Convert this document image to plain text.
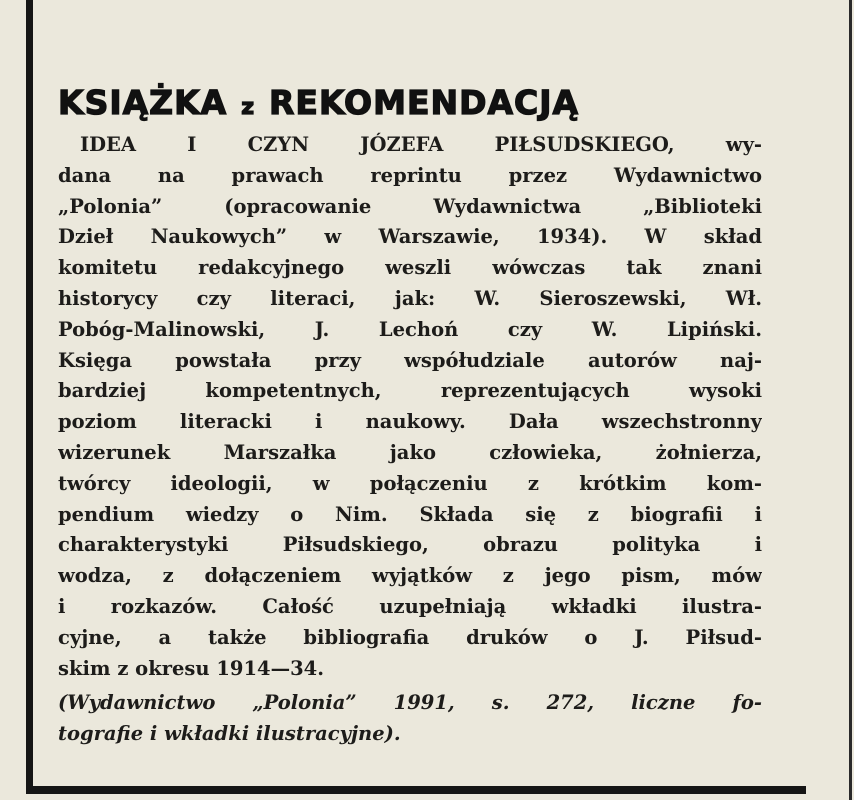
KSIĄŻKA z REKOMENDACJĄ
IDEA I CZYN JÓZEFA PIŁSUDSKIEGO, wy-
dana na prawach reprintu przez Wydawnictwo
„Polonia” (opracowanie Wydawnictwa „Biblioteki
Dzieł Naukowych” w Warszawie, 1934). W skład
komitetu redakcyjnego weszli wówczas tak znani
historycy czy literaci, jak: W. Sieroszewski, Wł.
Pobóg-Malinowski, J. Lechoń czy W. Lipiński.
Księga powstała przy współudziale autorów naj-
bardziej kompetentnych, reprezentujących wysoki
poziom literacki i naukowy. Dała wszechstronny
wizerunek Marszałka jako człowieka, żołnierza,
twórcy ideologii, w połączeniu z krótkim kom-
pendium wiedzy o Nim. Składa się z biografii i
charakterystyki Piłsudskiego, obrazu polityka i
wodza, z dołączeniem wyjątków z jego pism, mów
i rozkazów. Całość uzupełniają wkładki ilustra-
cyjne, a także bibliografia druków o J. Piłsud-
skim z okresu 1914—34.
(Wydawnictwo „Polonia” 1991, s. 272, liczne fo-
tografie i wkładki ilustracyjne).
